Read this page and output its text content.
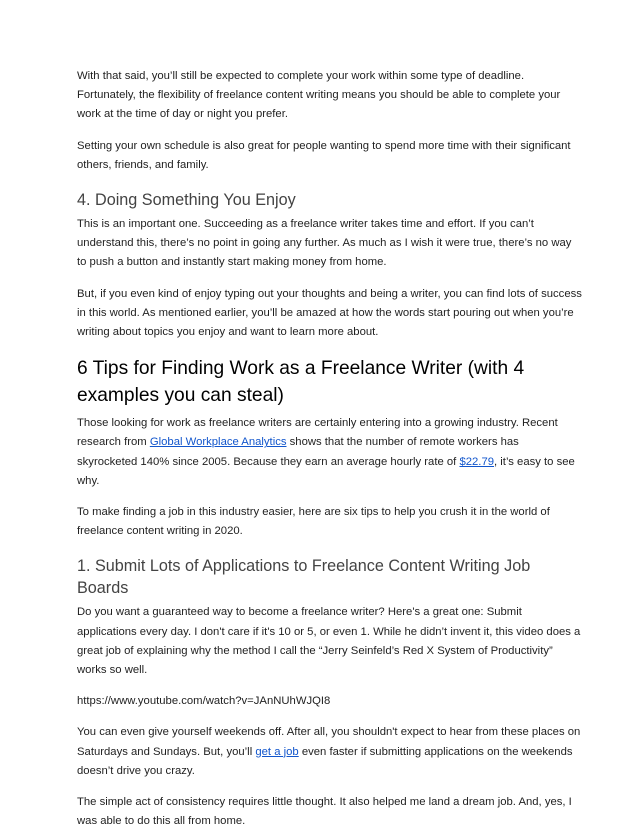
With that said, you’ll still be expected to complete your work within some type of deadline. Fortunately, the flexibility of freelance content writing means you should be able to complete your work at the time of day or night you prefer.

Setting your own schedule is also great for people wanting to spend more time with their significant others, friends, and family.

4. Doing Something You Enjoy

This is an important one. Succeeding as a freelance writer takes time and effort. If you can’t understand this, there’s no point in going any further. As much as I wish it were true, there’s no way to push a button and instantly start making money from home.

But, if you even kind of enjoy typing out your thoughts and being a writer, you can find lots of success in this world. As mentioned earlier, you’ll be amazed at how the words start pouring out when you’re writing about topics you enjoy and want to learn more about.

6 Tips for Finding Work as a Freelance Writer (with 4 examples you can steal)

Those looking for work as freelance writers are certainly entering into a growing industry. Recent research from Global Workplace Analytics shows that the number of remote workers has skyrocketed 140% since 2005. Because they earn an average hourly rate of $22.79, it’s easy to see why.

To make finding a job in this industry easier, here are six tips to help you crush it in the world of freelance content writing in 2020.

1. Submit Lots of Applications to Freelance Content Writing Job Boards

Do you want a guaranteed way to become a freelance writer? Here's a great one: Submit applications every day. I don't care if it's 10 or 5, or even 1. While he didn’t invent it, this video does a great job of explaining why the method I call the “Jerry Seinfeld’s Red X System of Productivity” works so well.

https://www.youtube.com/watch?v=JAnNUhWJQI8

You can even give yourself weekends off. After all, you shouldn't expect to hear from these places on Saturdays and Sundays. But, you’ll get a job even faster if submitting applications on the weekends doesn’t drive you crazy.

The simple act of consistency requires little thought. It also helped me land a dream job. And, yes, I was able to do this all from home.
